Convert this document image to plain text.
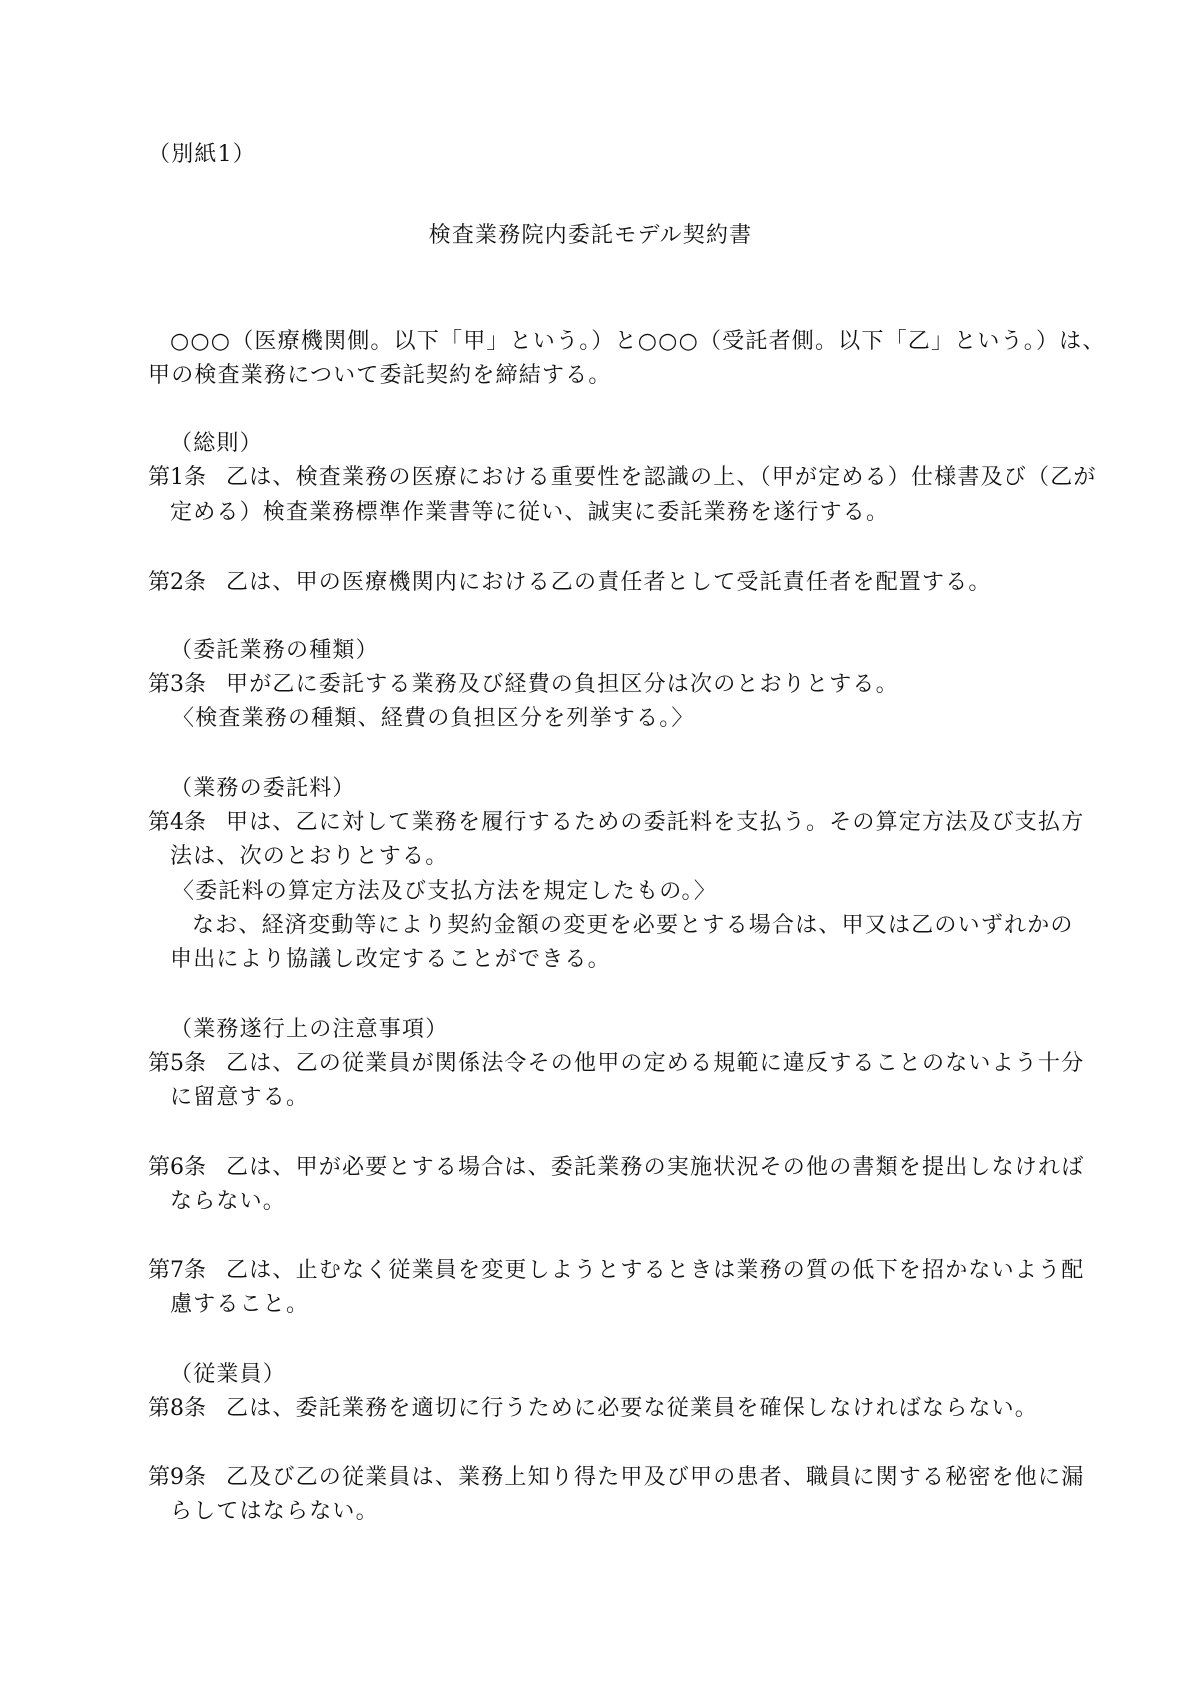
（別紙1）
検査業務院内委託モデル契約書
○○○（医療機関側。以下「甲」という。）と○○○（受託者側。以下「乙」という。）は、
甲の検査業務について委託契約を締結する。
（総則）
第1条 乙は、検査業務の医療における重要性を認識の上、（甲が定める）仕様書及び（乙が
定める）検査業務標準作業書等に従い、誠実に委託業務を遂行する。
第2条 乙は、甲の医療機関内における乙の責任者として受託責任者を配置する。
（委託業務の種類）
第3条 甲が乙に委託する業務及び経費の負担区分は次のとおりとする。
〈検査業務の種類、経費の負担区分を列挙する。〉
（業務の委託料）
第4条 甲は、乙に対して業務を履行するための委託料を支払う。その算定方法及び支払方
法は、次のとおりとする。
〈委託料の算定方法及び支払方法を規定したもの。〉
なお、経済変動等により契約金額の変更を必要とする場合は、甲又は乙のいずれかの
申出により協議し改定することができる。
（業務遂行上の注意事項）
第5条 乙は、乙の従業員が関係法令その他甲の定める規範に違反することのないよう十分
に留意する。
第6条 乙は、甲が必要とする場合は、委託業務の実施状況その他の書類を提出しなければ
ならない。
第7条 乙は、止むなく従業員を変更しようとするときは業務の質の低下を招かないよう配
慮すること。
（従業員）
第8条 乙は、委託業務を適切に行うために必要な従業員を確保しなければならない。
第9条 乙及び乙の従業員は、業務上知り得た甲及び甲の患者、職員に関する秘密を他に漏
らしてはならない。
